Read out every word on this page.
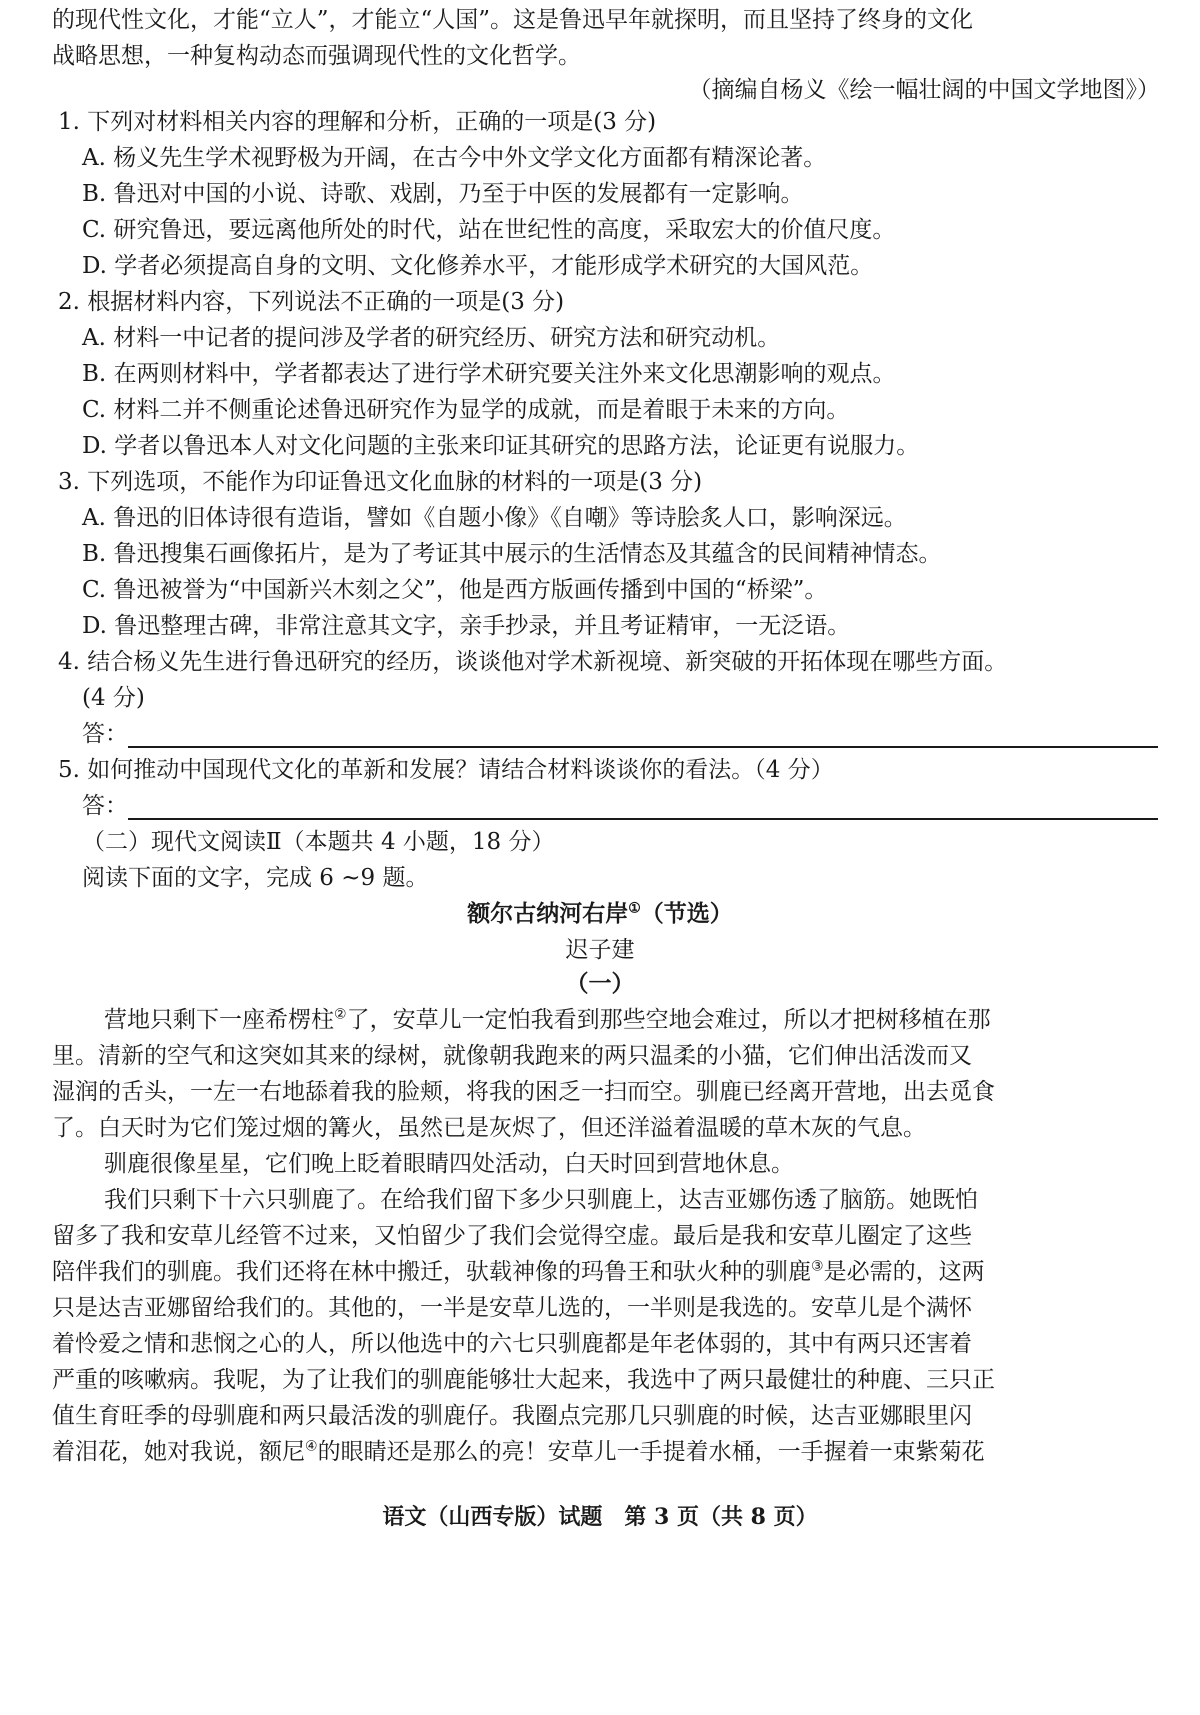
的现代性文化，才能“立人”，才能立“人国”。这是鲁迅早年就探明，而且坚持了终身的文化
战略思想，一种复构动态而强调现代性的文化哲学。
（摘编自杨义《绘一幅壮阔的中国文学地图》）
1. 下列对材料相关内容的理解和分析，正确的一项是(3 分)
A. 杨义先生学术视野极为开阔，在古今中外文学文化方面都有精深论著。
B. 鲁迅对中国的小说、诗歌、戏剧，乃至于中医的发展都有一定影响。
C. 研究鲁迅，要远离他所处的时代，站在世纪性的高度，采取宏大的价值尺度。
D. 学者必须提高自身的文明、文化修养水平，才能形成学术研究的大国风范。
2. 根据材料内容，下列说法不正确的一项是(3 分)
A. 材料一中记者的提问涉及学者的研究经历、研究方法和研究动机。
B. 在两则材料中，学者都表达了进行学术研究要关注外来文化思潮影响的观点。
C. 材料二并不侧重论述鲁迅研究作为显学的成就，而是着眼于未来的方向。
D. 学者以鲁迅本人对文化问题的主张来印证其研究的思路方法，论证更有说服力。
3. 下列选项，不能作为印证鲁迅文化血脉的材料的一项是(3 分)
A. 鲁迅的旧体诗很有造诣，譬如《自题小像》《自嘲》等诗脍炙人口，影响深远。
B. 鲁迅搜集石画像拓片，是为了考证其中展示的生活情态及其蕴含的民间精神情态。
C. 鲁迅被誉为“中国新兴木刻之父”，他是西方版画传播到中国的“桥梁”。
D. 鲁迅整理古碑，非常注意其文字，亲手抄录，并且考证精审，一无泛语。
4. 结合杨义先生进行鲁迅研究的经历，谈谈他对学术新视境、新突破的开拓体现在哪些方面。
(4 分)
答：
5. 如何推动中国现代文化的革新和发展？请结合材料谈谈你的看法。（4 分）
答：
（二）现代文阅读Ⅱ（本题共 4 小题，18 分）
阅读下面的文字，完成 6 ~9 题。
额尔古纳河右岸①（节选）
迟子建
（一）
营地只剩下一座希楞柱②了，安草儿一定怕我看到那些空地会难过，所以才把树移植在那
里。清新的空气和这突如其来的绿树，就像朝我跑来的两只温柔的小猫，它们伸出活泼而又
湿润的舌头，一左一右地舔着我的脸颊，将我的困乏一扫而空。驯鹿已经离开营地，出去觅食
了。白天时为它们笼过烟的篝火，虽然已是灰烬了，但还洋溢着温暖的草木灰的气息。
驯鹿很像星星，它们晚上眨着眼睛四处活动，白天时回到营地休息。
我们只剩下十六只驯鹿了。在给我们留下多少只驯鹿上，达吉亚娜伤透了脑筋。她既怕
留多了我和安草儿经管不过来，又怕留少了我们会觉得空虚。最后是我和安草儿圈定了这些
陪伴我们的驯鹿。我们还将在林中搬迁，驮载神像的玛鲁王和驮火种的驯鹿③是必需的，这两
只是达吉亚娜留给我们的。其他的，一半是安草儿选的，一半则是我选的。安草儿是个满怀
着怜爱之情和悲悯之心的人，所以他选中的六七只驯鹿都是年老体弱的，其中有两只还害着
严重的咳嗽病。我呢，为了让我们的驯鹿能够壮大起来，我选中了两只最健壮的种鹿、三只正
值生育旺季的母驯鹿和两只最活泼的驯鹿仔。我圈点完那几只驯鹿的时候，达吉亚娜眼里闪
着泪花，她对我说，额尼④的眼睛还是那么的亮！安草儿一手提着水桶，一手握着一束紫菊花
语文（山西专版）试题　第 3 页（共 8 页）
